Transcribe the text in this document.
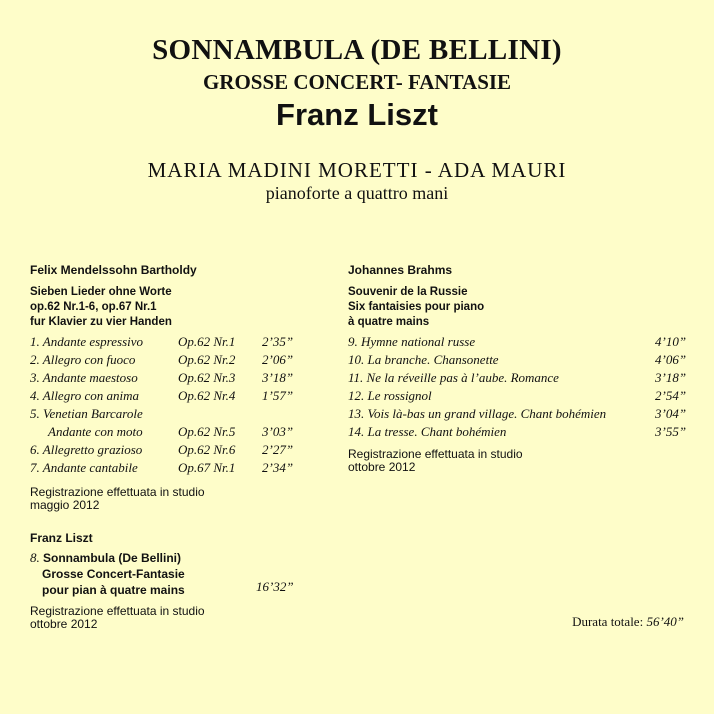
SONNAMBULA (DE BELLINI)
GROSSE CONCERT- FANTASIE
Franz Liszt
MARIA MADINI MORETTI - ADA MAURI
pianoforte a quattro mani
Felix Mendelssohn Bartholdy
Sieben Lieder ohne Worte
op.62 Nr.1-6, op.67 Nr.1
fur Klavier zu vier Handen
1. Andante espressivo	Op.62 Nr.1 2’35”
2. Allegro con fuoco	Op.62 Nr.2 2’06”
3. Andante maestoso	Op.62 Nr.3 3’18”
4. Allegro con anima	Op.62 Nr.4 1’57”
5. Venetian Barcarole
Andante con moto	Op.62 Nr.5 3’03”
6. Allegretto grazioso	Op.62 Nr.6 2’27”
7. Andante cantabile	Op.67 Nr.1 2’34”
Registrazione effettuata in studio
maggio 2012
Franz Liszt
8. Sonnambula (De Bellini)
Grosse Concert-Fantasie
pour pian à quatre mains	16’32”
Registrazione effettuata in studio
ottobre 2012
Johannes Brahms
Souvenir de la Russie
Six fantaisies pour piano
à quatre mains
9. Hymne national russe	4’10”
10. La branche. Chansonette	4’06”
11. Ne la réveille pas à l’aube. Romance	3’18”
12. Le rossignol	2’54”
13. Vois là-bas un grand village. Chant bohémien	3’04”
14. La tresse. Chant bohémien	3’55”
Registrazione effettuata in studio
ottobre 2012
Durata totale: 56’40”
